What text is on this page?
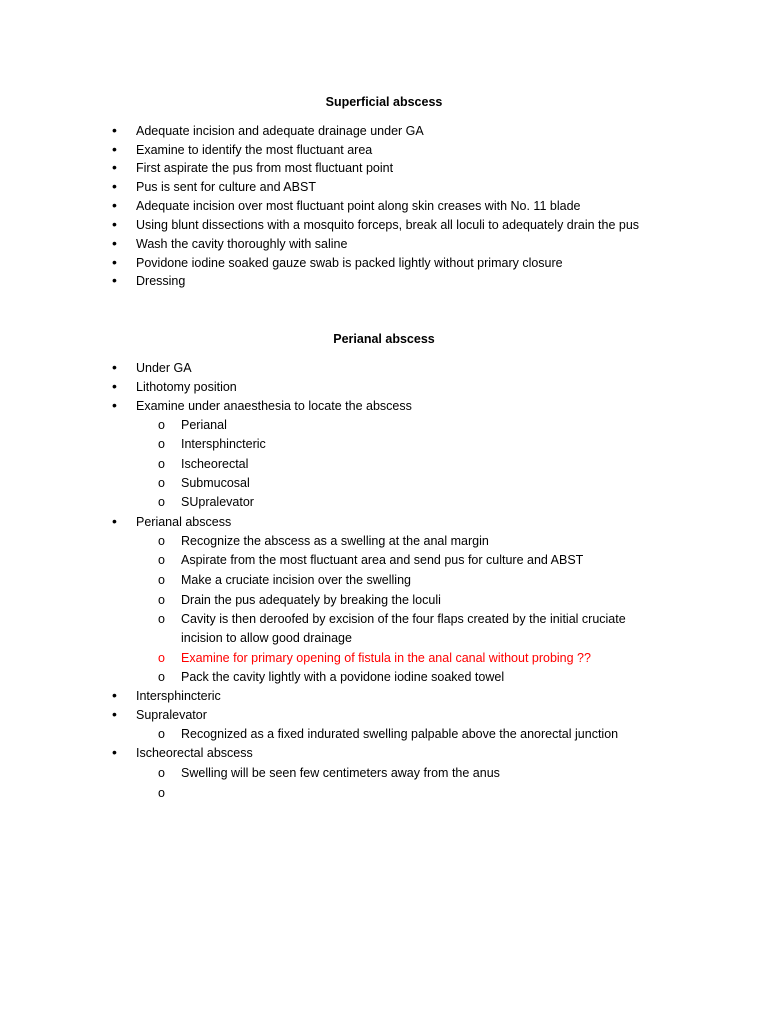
Superficial abscess
• Adequate incision and adequate drainage under GA
• Examine to identify the most fluctuant area
• First aspirate the pus from most fluctuant point
• Pus is sent for culture and ABST
• Adequate incision over most fluctuant point along skin creases with No. 11 blade
• Using blunt dissections with a mosquito forceps, break all loculi to adequately drain the pus
• Wash the cavity thoroughly with saline
• Povidone iodine soaked gauze swab is packed lightly without primary closure
• Dressing
Perianal abscess
• Under GA
• Lithotomy position
• Examine under anaesthesia to locate the abscess
o Perianal
o Intersphincteric
o Ischeorectal
o Submucosal
o SUpralevator
• Perianal abscess
o Recognize the abscess as a swelling at the anal margin
o Aspirate from the most fluctuant area and send pus for culture and ABST
o Make a cruciate incision over the swelling
o Drain the pus adequately by breaking the loculi
o Cavity is then deroofed by excision of the four flaps created by the initial cruciate
incision to allow good drainage
o Examine for primary opening of fistula in the anal canal without probing ??
o Pack the cavity lightly with a povidone iodine soaked towel
• Intersphincteric
• Supralevator
o Recognized as a fixed indurated swelling palpable above the anorectal junction
• Ischeorectal abscess
o Swelling will be seen few centimeters away from the anus
o
